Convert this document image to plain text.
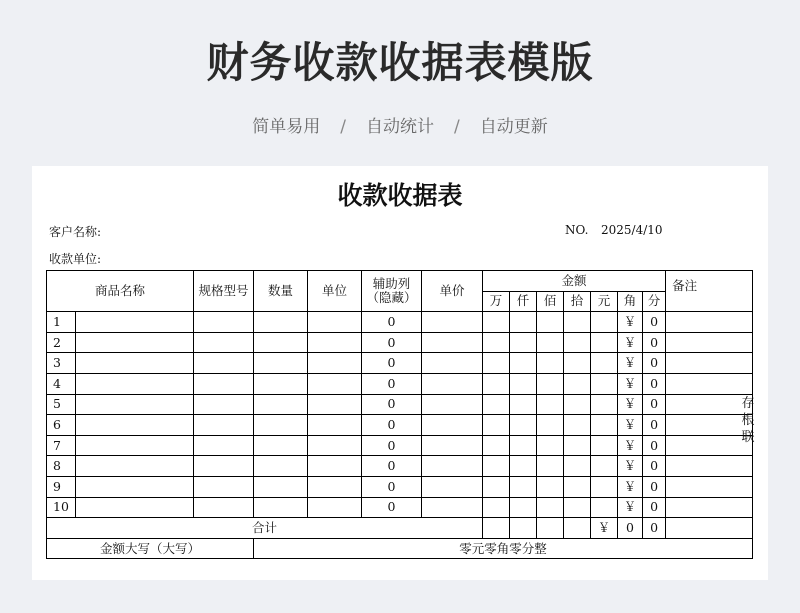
财务收款收据表模版
简单易用 / 自动统计 / 自动更新
收款收据表
客户名称:	NO. 2025/4/10
收款单位:
商品名称		规格型号	数量	单位	辅助列（隐藏）	单价	金额							备注
							万	仟	佰	拾	元	角	分	
1					0							￥	0	
2					0							￥	0	
3					0							￥	0	
4					0							￥	0	
5					0							￥	0	
6					0							￥	0	
7					0							￥	0	
8					0							￥	0	
9					0							￥	0	
10					0							￥	0	
合计											￥	0	0	
金额大写（大写）			零元零角零分整											
存根联
